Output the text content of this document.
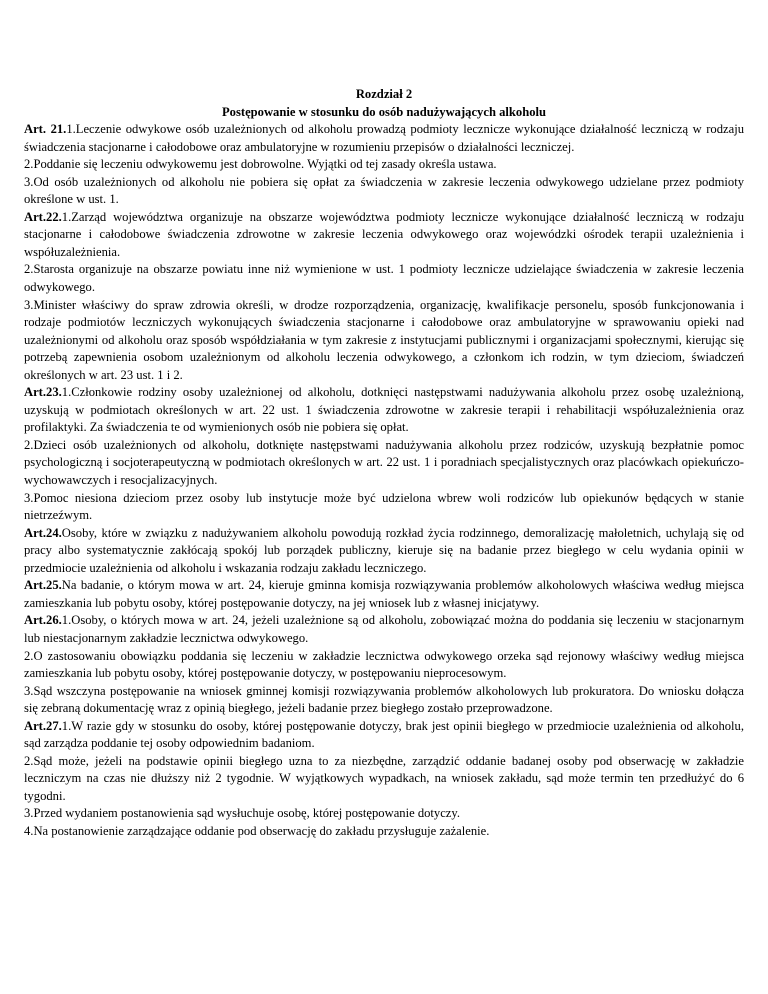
Rozdział 2
Postępowanie w stosunku do osób nadużywających alkoholu

Art. 21.1.Leczenie odwykowe osób uzależnionych od alkoholu prowadzą podmioty lecznicze wykonujące działalność leczniczą w rodzaju świadczenia stacjonarne i całodobowe oraz ambulatoryjne w rozumieniu przepisów o działalności leczniczej.

2.Poddanie się leczeniu odwykowemu jest dobrowolne. Wyjątki od tej zasady określa ustawa.

3.Od osób uzależnionych od alkoholu nie pobiera się opłat za świadczenia w zakresie leczenia odwykowego udzielane przez podmioty określone w ust. 1.

Art.22.1.Zarząd województwa organizuje na obszarze województwa podmioty lecznicze wykonujące działalność leczniczą w rodzaju stacjonarne i całodobowe świadczenia zdrowotne w zakresie leczenia odwykowego oraz wojewódzki ośrodek terapii uzależnienia i współuzależnienia.

2.Starosta organizuje na obszarze powiatu inne niż wymienione w ust. 1 podmioty lecznicze udzielające świadczenia w zakresie leczenia odwykowego.

3.Minister właściwy do spraw zdrowia określi, w drodze rozporządzenia, organizację, kwalifikacje personelu, sposób funkcjonowania i rodzaje podmiotów leczniczych wykonujących świadczenia stacjonarne i całodobowe oraz ambulatoryjne w sprawowaniu opieki nad uzależnionymi od alkoholu oraz sposób współdziałania w tym zakresie z instytucjami publicznymi i organizacjami społecznymi, kierując się potrzebą zapewnienia osobom uzależnionym od alkoholu leczenia odwykowego, a członkom ich rodzin, w tym dzieciom, świadczeń określonych w art. 23 ust. 1 i 2.

Art.23.1.Członkowie rodziny osoby uzależnionej od alkoholu, dotknięci następstwami nadużywania alkoholu przez osobę uzależnioną, uzyskują w podmiotach określonych w art. 22 ust. 1 świadczenia zdrowotne w zakresie terapii i rehabilitacji współuzależnienia oraz profilaktyki. Za świadczenia te od wymienionych osób nie pobiera się opłat.

2.Dzieci osób uzależnionych od alkoholu, dotknięte następstwami nadużywania alkoholu przez rodziców, uzyskują bezpłatnie pomoc psychologiczną i socjoterapeutyczną w podmiotach określonych w art. 22 ust. 1 i poradniach specjalistycznych oraz placówkach opiekuńczo-wychowawczych i resocjalizacyjnych.

3.Pomoc niesiona dzieciom przez osoby lub instytucje może być udzielona wbrew woli rodziców lub opiekunów będących w stanie nietrzeźwym.

Art.24.Osoby, które w związku z nadużywaniem alkoholu powodują rozkład życia rodzinnego, demoralizację małoletnich, uchylają się od pracy albo systematycznie zakłócają spokój lub porządek publiczny, kieruje się na badanie przez biegłego w celu wydania opinii w przedmiocie uzależnienia od alkoholu i wskazania rodzaju zakładu leczniczego.

Art.25.Na badanie, o którym mowa w art. 24, kieruje gminna komisja rozwiązywania problemów alkoholowych właściwa według miejsca zamieszkania lub pobytu osoby, której postępowanie dotyczy, na jej wniosek lub z własnej inicjatywy.

Art.26.1.Osoby, o których mowa w art. 24, jeżeli uzależnione są od alkoholu, zobowiązać można do poddania się leczeniu w stacjonarnym lub niestacjonarnym zakładzie lecznictwa odwykowego.

2.O zastosowaniu obowiązku poddania się leczeniu w zakładzie lecznictwa odwykowego orzeka sąd rejonowy właściwy według miejsca zamieszkania lub pobytu osoby, której postępowanie dotyczy, w postępowaniu nieprocesowym.

3.Sąd wszczyna postępowanie na wniosek gminnej komisji rozwiązywania problemów alkoholowych lub prokuratora. Do wniosku dołącza się zebraną dokumentację wraz z opinią biegłego, jeżeli badanie przez biegłego zostało przeprowadzone.

Art.27.1.W razie gdy w stosunku do osoby, której postępowanie dotyczy, brak jest opinii biegłego w przedmiocie uzależnienia od alkoholu, sąd zarządza poddanie tej osoby odpowiednim badaniom.

2.Sąd może, jeżeli na podstawie opinii biegłego uzna to za niezbędne, zarządzić oddanie badanej osoby pod obserwację w zakładzie leczniczym na czas nie dłuższy niż 2 tygodnie. W wyjątkowych wypadkach, na wniosek zakładu, sąd może termin ten przedłużyć do 6 tygodni.

3.Przed wydaniem postanowienia sąd wysłuchuje osobę, której postępowanie dotyczy.

4.Na postanowienie zarządzające oddanie pod obserwację do zakładu przysługuje zażalenie.
